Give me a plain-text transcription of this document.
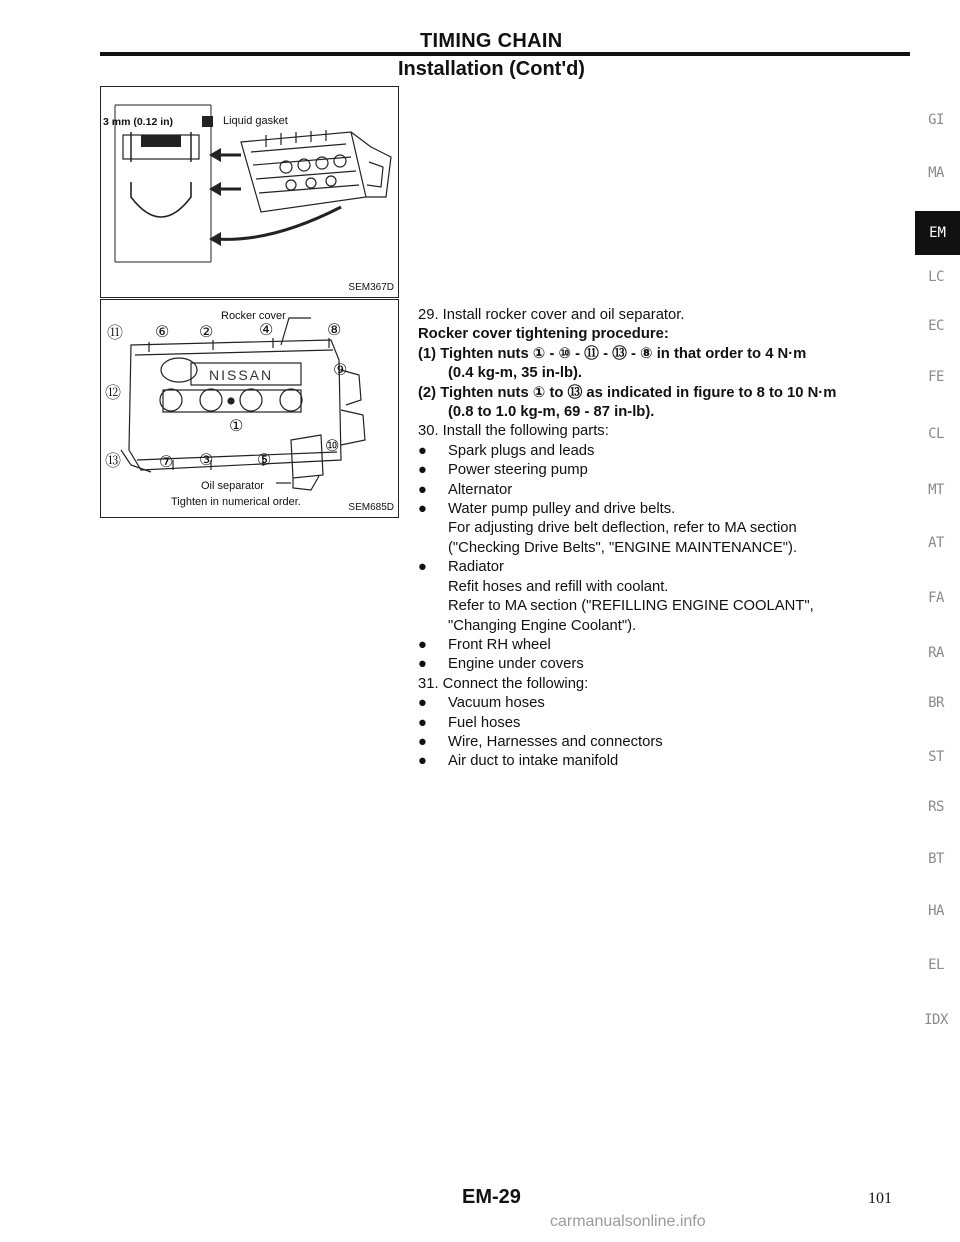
TIMING CHAIN
Installation (Cont'd)
3 mm (0.12 in)	Liquid gasket
SEM367D
Rocker cover
NISSAN
⑪ ⑥ ②	④	⑧
⑨
⑫
①
⑬ ⑦ ③	⑤
⑩
Oil separator
Tighten in numerical order.	SEM685D
29. Install rocker cover and oil separator.
Rocker cover tightening procedure:
(1) Tighten nuts ① - ⑩ - ⑪ - ⑬ - ⑧ in that order to 4 N·m
(0.4 kg-m, 35 in-lb).
(2) Tighten nuts ① to ⑬ as indicated in figure to 8 to 10 N·m
(0.8 to 1.0 kg-m, 69 - 87 in-lb).
30. Install the following parts:
● Spark plugs and leads
● Power steering pump
● Alternator
● Water pump pulley and drive belts.
For adjusting drive belt deflection, refer to MA section
("Checking Drive Belts", "ENGINE MAINTENANCE").
● Radiator
Refit hoses and refill with coolant.
Refer to MA section ("REFILLING ENGINE COOLANT",
"Changing Engine Coolant").
● Front RH wheel
● Engine under covers
31. Connect the following:
● Vacuum hoses
● Fuel hoses
● Wire, Harnesses and connectors
● Air duct to intake manifold
GI
MA
EM
LC
EC
FE
CL
MT
AT
FA
RA
BR
ST
RS
BT
HA
EL
IDX
EM-29	101
carmanualsonline.info
